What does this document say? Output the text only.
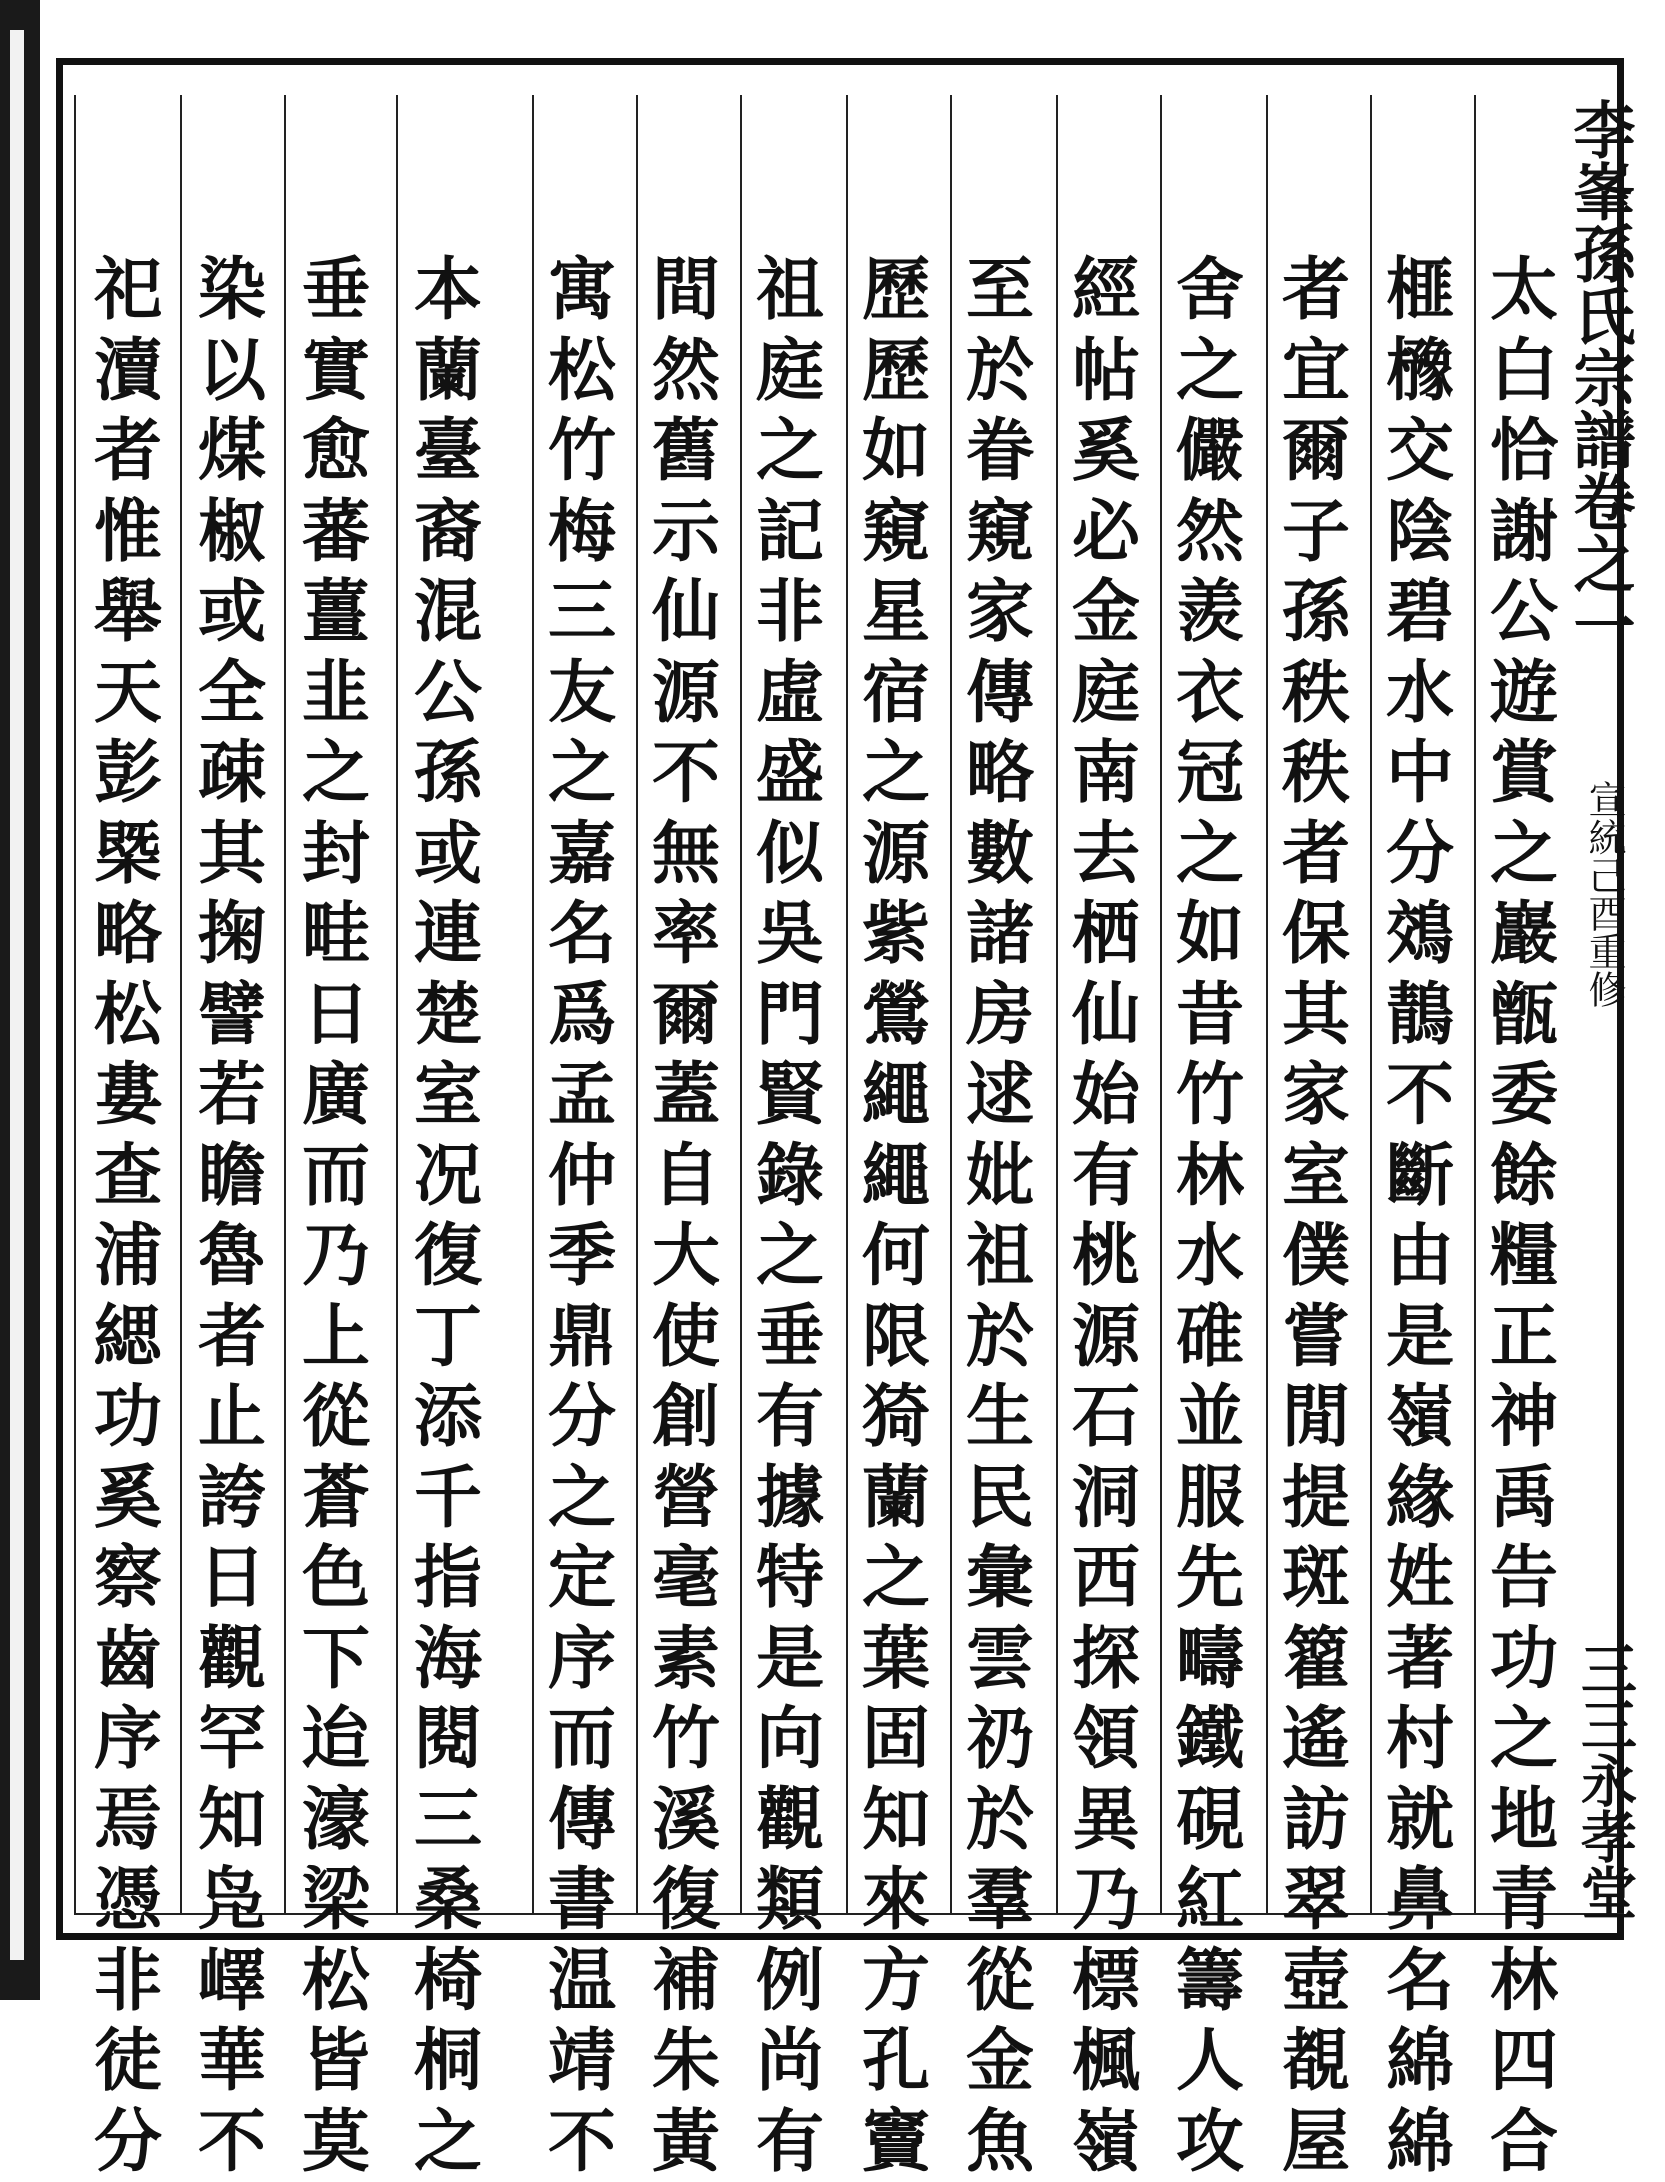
李峯孫氏宗譜卷之一
宣統己酉重修
三三永孝堂
太
白
恰
謝
公
遊
賞
之
巖
甑
委
餘
糧
正
神
禹
告
功
之
地
青
林
四
合
榧
櫲
交
陰
碧
水
中
分
鵁
鶄
不
斷
由
是
嶺
緣
姓
著
村
就
鼻
名
綿
綿
者
宜
爾
子
孫
秩
秩
者
保
其
家
室
僕
嘗
閒
提
斑
籊
遙
訪
翠
壺
覩
屋
舍
之
儼
然
羨
衣
冠
之
如
昔
竹
林
水
碓
並
服
先
疇
鐵
硯
紅
籌
人
攻
經
帖
奚
必
金
庭
南
去
栖
仙
始
有
桃
源
石
洞
西
探
領
異
乃
標
楓
嶺
至
於
眷
窺
家
傳
略
數
諸
房
逑
妣
祖
於
生
民
彙
雲
礽
於
羣
從
金
魚
歷
歷
如
窺
星
宿
之
源
紫
鶯
繩
繩
何
限
猗
蘭
之
葉
固
知
來
方
孔
竇
祖
庭
之
記
非
虛
盛
似
吳
門
賢
錄
之
垂
有
據
特
是
向
觀
類
例
尚
有
間
然
舊
示
仙
源
不
無
率
爾
蓋
自
大
使
創
營
毫
素
竹
溪
復
補
朱
黃
寓
松
竹
梅
三
友
之
嘉
名
爲
孟
仲
季
鼎
分
之
定
序
而
傳
書
温
靖
不
本
蘭
臺
裔
混
公
孫
或
連
楚
室
况
復
丁
添
千
指
海
閱
三
桑
椅
桐
之
垂
實
愈
蕃
薑
韭
之
封
畦
日
廣
而
乃
上
從
蒼
色
下
迨
濠
梁
松
皆
莫
染
以
煤
椒
或
全
疎
其
掬
譬
若
瞻
魯
者
止
誇
日
觀
罕
知
凫
嶧
華
不
祀
瀆
者
惟
舉
天
彭
槩
略
松
婁
查
浦
緦
功
奚
察
齒
序
焉
憑
非
徒
分
